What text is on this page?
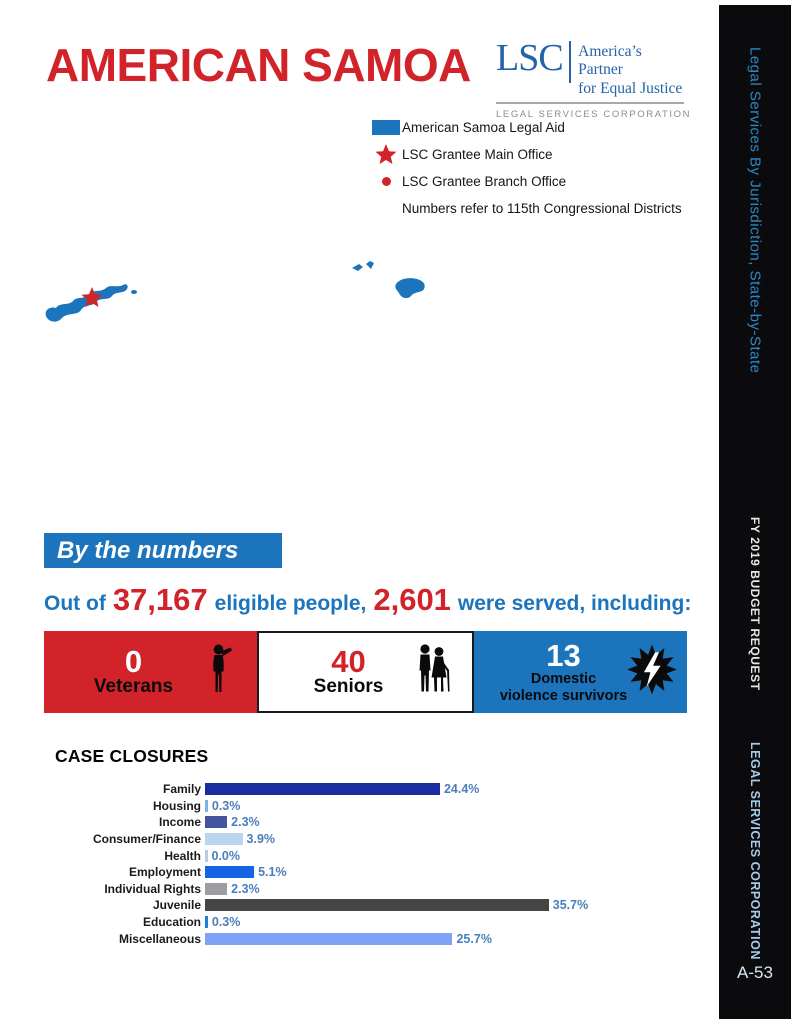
AMERICAN SAMOA LSC America’s Partner
for Equal Justice
LEGAL SERVICES CORPORATION
American Samoa Legal Aid
LSC Grantee Main Office
LSC Grantee Branch Office
Numbers refer to 115th Congressional Districts
By the numbers
Out of 37,167 eligible people, 2,601 were served, including:
0
Veterans
40
Seniors
13
Domestic
violence survivors
CASE CLOSURES
Family	24.4%
Housing 0.3%
Income	2.3%
Consumer/Finance	3.9%
Health 0.0%
Employment	5.1%
Individual Rights	2.3%
Juvenile	35.7%
Education 0.3%
Miscellaneous	25.7%
Legal Services By Jurisdiction, State-by-State
FY 2019 BUDGET REQUEST
LEGAL SERVICES CORPORATION
A-53
